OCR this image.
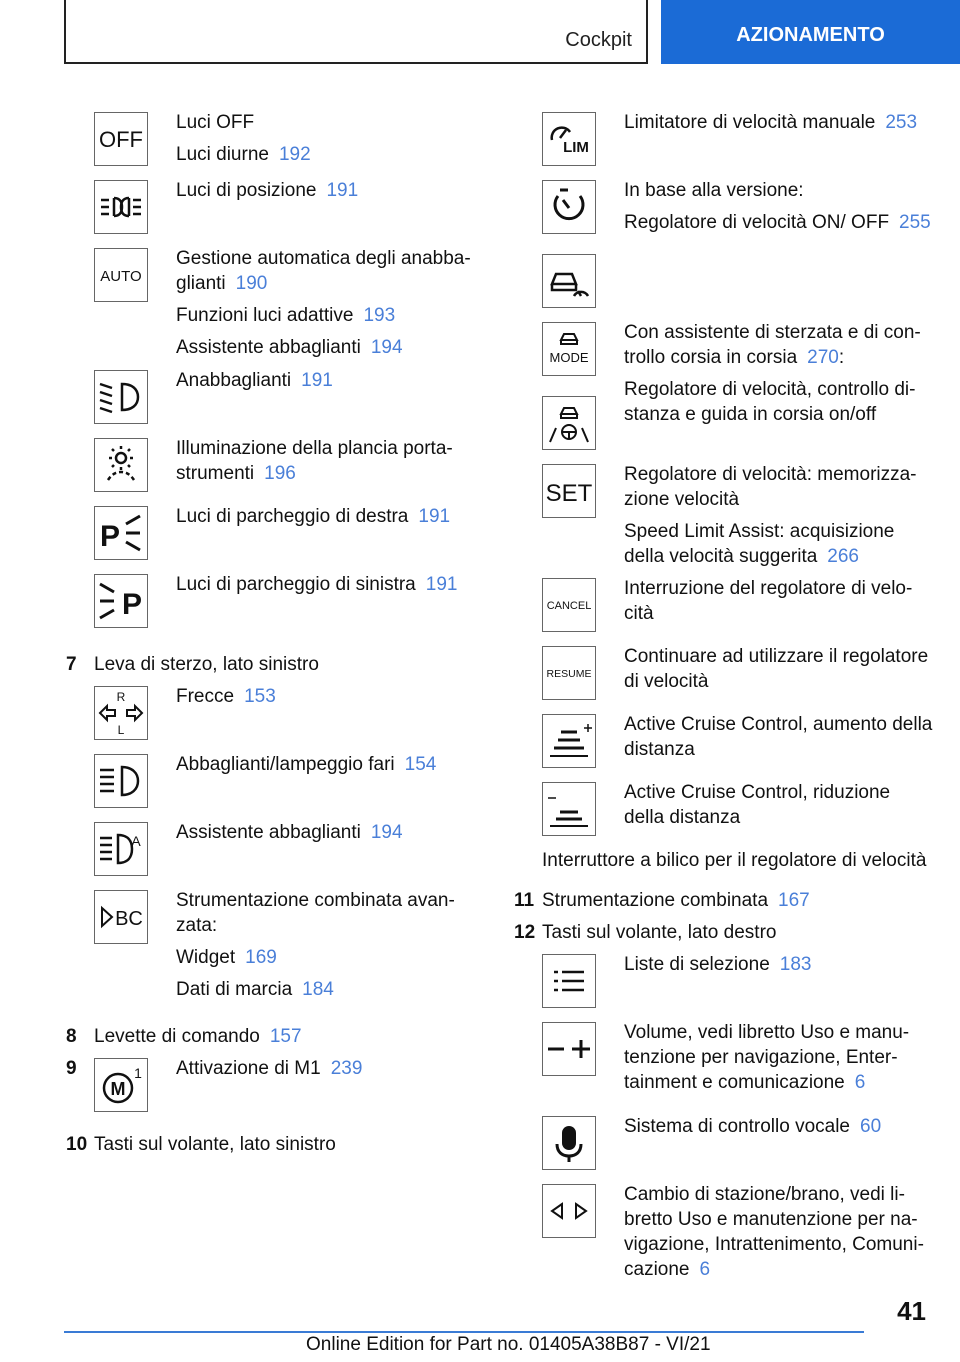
Cockpit	AZIONAMENTO
OFF

Luci OFF

Luci diurne 192

Luci di posizione 191

AUTO

Gestione automatica degli anabba-glianti 190

Funzioni luci adattive 193

Assistente abbaglianti 194

Anabbaglianti 191

Illuminazione della plancia porta-strumenti 196

P

Luci di parcheggio di destra 191

P

Luci di parcheggio di sinistra 191

7 Leva di sterzo, lato sinistro
R
L

Frecce 153

Abbaglianti/lampeggio fari 154

A Assistente abbaglianti 194

BC

Strumentazione combinata avan-zata:

Widget 169

Dati di marcia 184

8 Levette di comando 157
9
M
1 Attivazione di M1 239
10 Tasti sul volante, lato sinistro
LIM

Limitatore di velocità manuale 253

In base alla versione:

Regolatore di velocità ON/ OFF 255

MODE

Con assistente di sterzata e di con-trollo corsia in corsia 270:

Regolatore di velocità, controllo di-stanza e guida in corsia on/off

SET

Regolatore di velocità: memorizza-zione velocità

Speed Limit Assist: acquisizione della velocità suggerita 266

CANCEL

Interruzione del regolatore di velo-cità

RESUME

Continuare ad utilizzare il regolatore di velocità

Active Cruise Control, aumento della distanza

Active Cruise Control, riduzione della distanza

Interruttore a bilico per il regolatore di velocità
11 Strumentazione combinata 167
12 Tasti sul volante, lato destro

Liste di selezione 183

Volume, vedi libretto Uso e manu-tenzione per navigazione, Enter-tainment e comunicazione 6

Sistema di controllo vocale 60

Cambio di stazione/brano, vedi li-bretto Uso e manutenzione per na-vigazione, Intrattenimento, Comuni-cazione 6

41
Online Edition for Part no. 01405A38B87 - VI/21
